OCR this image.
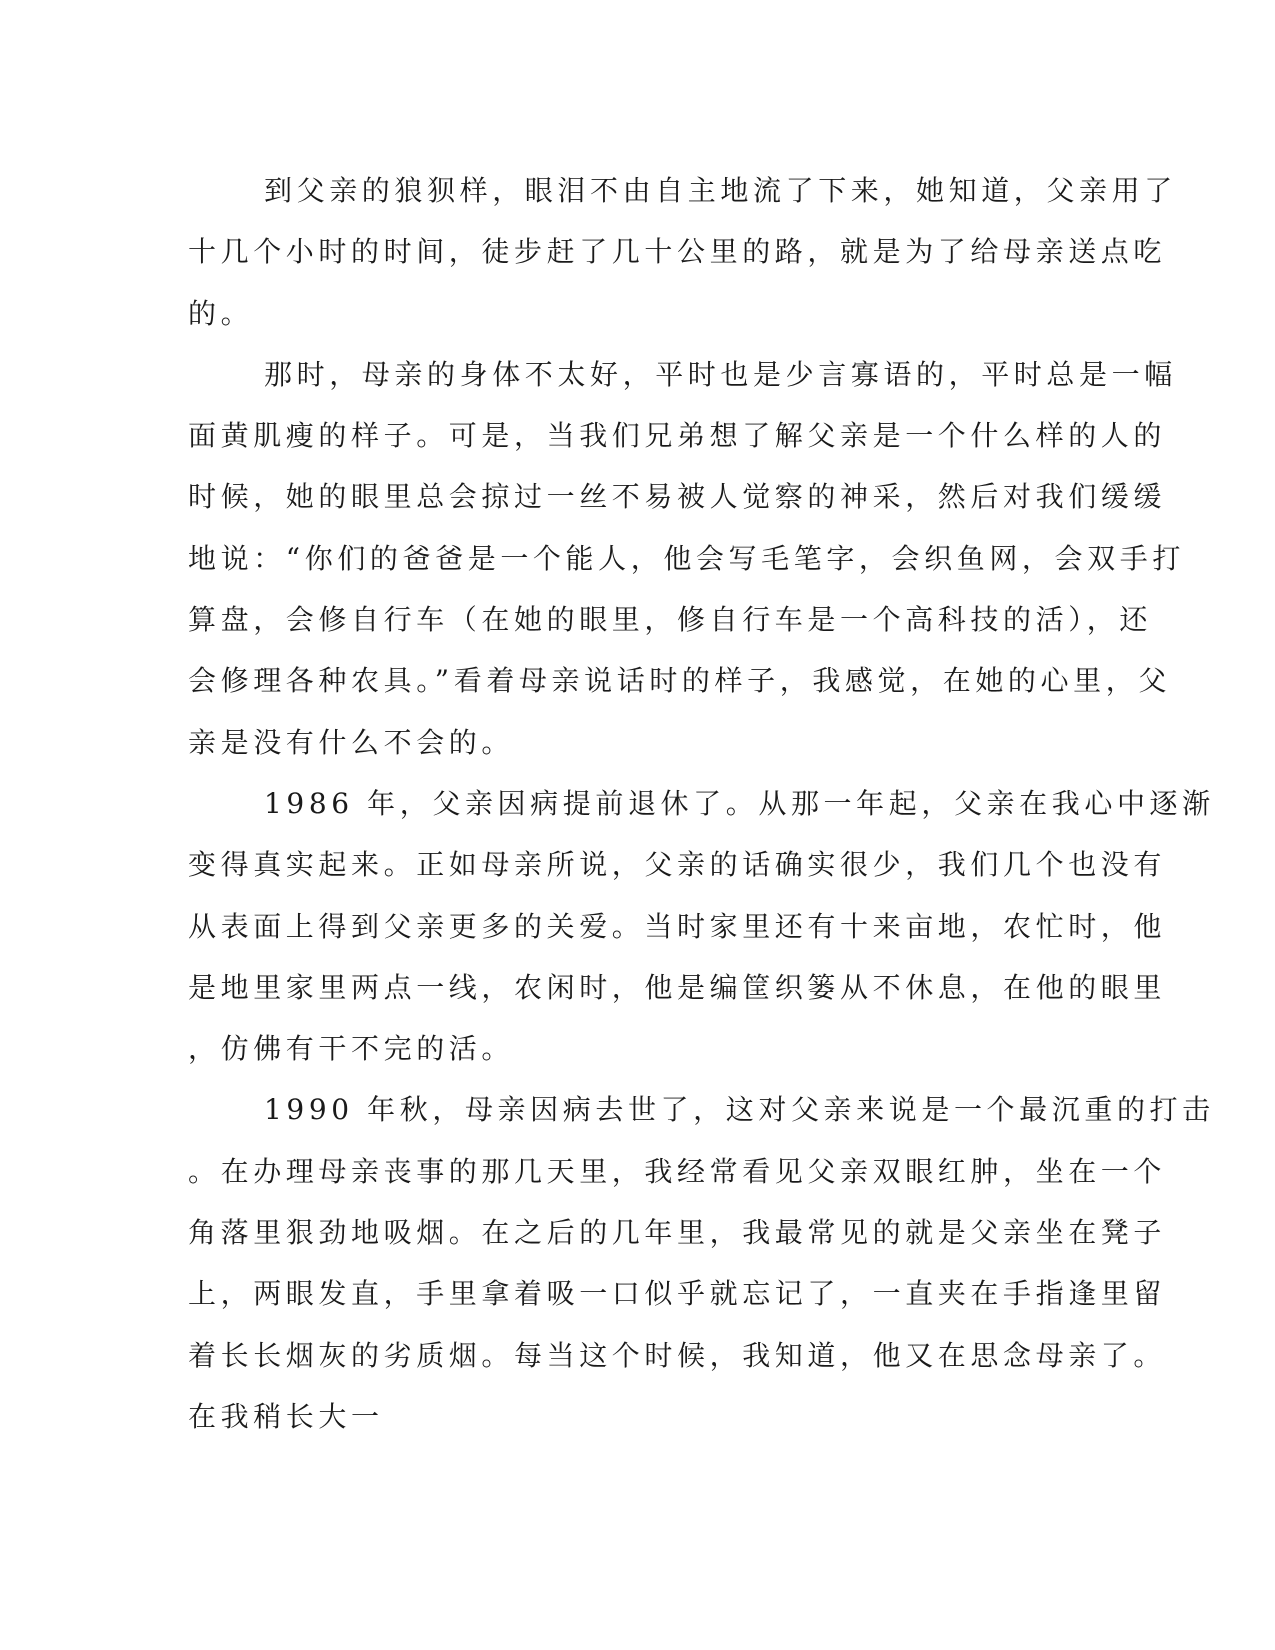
到父亲的狼狈样，眼泪不由自主地流了下来，她知道，父亲用了
十几个小时的时间，徒步赶了几十公里的路，就是为了给母亲送点吃
的。
那时，母亲的身体不太好，平时也是少言寡语的，平时总是一幅
面黄肌瘦的样子。可是，当我们兄弟想了解父亲是一个什么样的人的
时候，她的眼里总会掠过一丝不易被人觉察的神采，然后对我们缓缓
地说：“你们的爸爸是一个能人，他会写毛笔字，会织鱼网，会双手打
算盘，会修自行车（在她的眼里，修自行车是一个高科技的活），还
会修理各种农具。”看着母亲说话时的样子，我感觉，在她的心里，父
亲是没有什么不会的。
1986 年，父亲因病提前退休了。从那一年起，父亲在我心中逐渐
变得真实起来。正如母亲所说，父亲的话确实很少，我们几个也没有
从表面上得到父亲更多的关爱。当时家里还有十来亩地，农忙时，他
是地里家里两点一线，农闲时，他是编筐织篓从不休息，在他的眼里
，仿佛有干不完的活。
1990 年秋，母亲因病去世了，这对父亲来说是一个最沉重的打击
。在办理母亲丧事的那几天里，我经常看见父亲双眼红肿，坐在一个
角落里狠劲地吸烟。在之后的几年里，我最常见的就是父亲坐在凳子
上，两眼发直，手里拿着吸一口似乎就忘记了，一直夹在手指逢里留
着长长烟灰的劣质烟。每当这个时候，我知道，他又在思念母亲了。
在我稍长大一
